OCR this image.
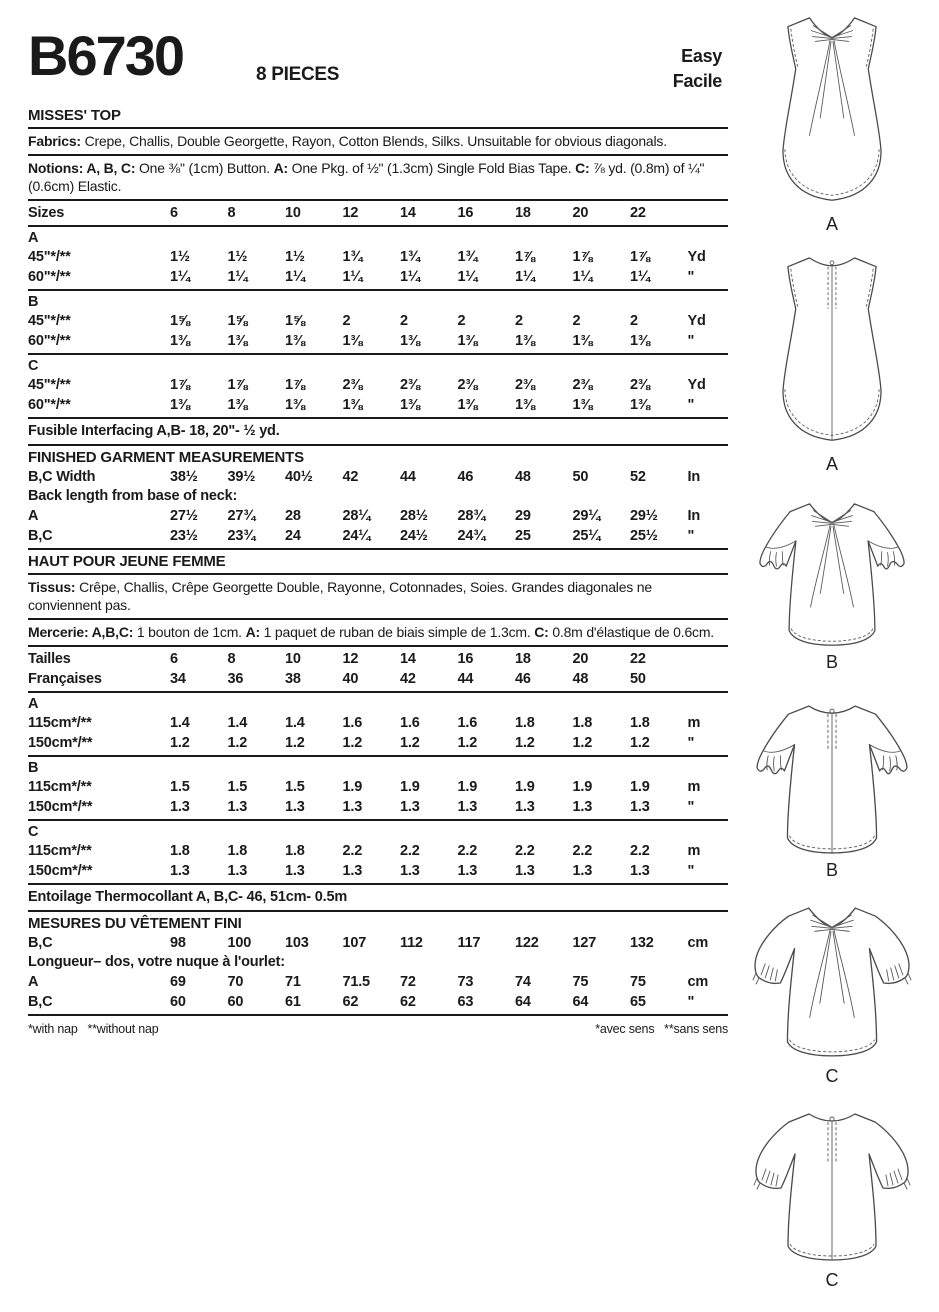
B6730	8 PIECES
Easy
Facile
MISSES' TOP
Fabrics: Crepe, Challis, Double Georgette, Rayon, Cotton Blends, Silks. Unsuitable for obvious diagonals.
Notions: A, B, C: One ⅜" (1cm) Button. A: One Pkg. of ½" (1.3cm) Single Fold Bias Tape. C: ⅞ yd. (0.8m) of ¼" (0.6cm) Elastic.
Sizes	6	8	10	12	14	16	18	20	22
A
45"*/**	1½	1½	1½	1¾	1¾	1¾	1⅞	1⅞	1⅞	Yd
60"*/**	1¼	1¼	1¼	1¼	1¼	1¼	1¼	1¼	1¼	"
B
45"*/**	1⅝	1⅝	1⅝	2	2	2	2	2	2	Yd
60"*/**	1⅜	1⅜	1⅜	1⅜	1⅜	1⅜	1⅜	1⅜	1⅜	"
C
45"*/**	1⅞	1⅞	1⅞	2⅜	2⅜	2⅜	2⅜	2⅜	2⅜	Yd
60"*/**	1⅜	1⅜	1⅜	1⅜	1⅜	1⅜	1⅜	1⅜	1⅜	"
Fusible Interfacing A,B- 18, 20"- ½ yd.
FINISHED GARMENT MEASUREMENTS
B,C Width	38½	39½	40½	42	44	46	48	50	52	In
Back length from base of neck:
A	27½	27¾	28	28¼	28½	28¾	29	29¼	29½	In
B,C	23½	23¾	24	24¼	24½	24¾	25	25¼	25½	"
HAUT POUR JEUNE FEMME
Tissus: Crêpe, Challis, Crêpe Georgette Double, Rayonne, Cotonnades, Soies. Grandes diagonales ne conviennent pas.
Mercerie: A,B,C: 1 bouton de 1cm. A: 1 paquet de ruban de biais simple de 1.3cm. C: 0.8m d'élastique de 0.6cm.
Tailles	6	8	10	12	14	16	18	20	22
Françaises	34	36	38	40	42	44	46	48	50
A
115cm*/**	1.4	1.4	1.4	1.6	1.6	1.6	1.8	1.8	1.8	m
150cm*/**	1.2	1.2	1.2	1.2	1.2	1.2	1.2	1.2	1.2	"
B
115cm*/**	1.5	1.5	1.5	1.9	1.9	1.9	1.9	1.9	1.9	m
150cm*/**	1.3	1.3	1.3	1.3	1.3	1.3	1.3	1.3	1.3	"
C
115cm*/**	1.8	1.8	1.8	2.2	2.2	2.2	2.2	2.2	2.2	m
150cm*/**	1.3	1.3	1.3	1.3	1.3	1.3	1.3	1.3	1.3	"
Entoilage Thermocollant A, B,C- 46, 51cm- 0.5m
MESURES DU VÊTEMENT FINI
B,C	98	100	103	107	112	117	122	127	132	cm
Longueur– dos, votre nuque à l'ourlet:
A	69	70	71	71.5	72	73	74	75	75	cm
B,C	60	60	61	62	62	63	64	64	65	"
*with nap   **without nap	*avec sens   **sans sens
A
A
B
B
C
C
